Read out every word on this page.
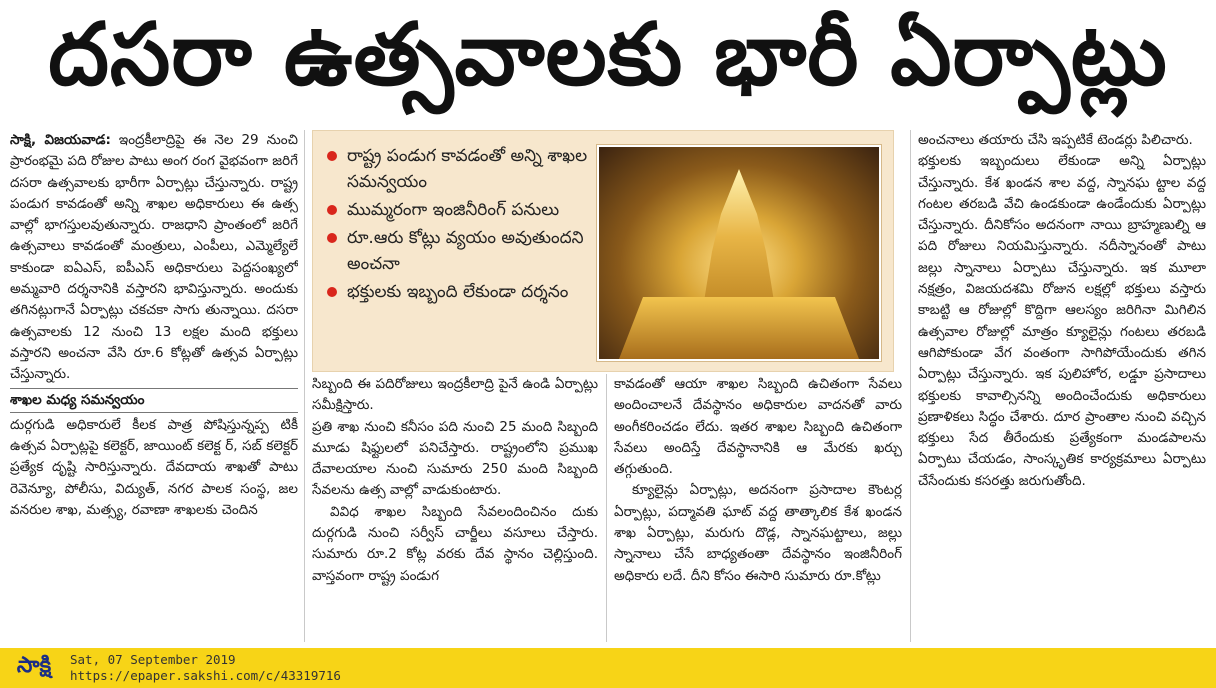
దసరా ఉత్సవాలకు భారీ ఏర్పాట్లు

సాక్షి, విజయవాడ: ఇంద్రకీలాద్రిపై ఈ నెల 29 నుంచి ప్రారంభమై పది రోజుల పాటు అంగ రంగ వైభవంగా జరిగే దసరా ఉత్సవాలకు భారీగా ఏర్పాట్లు చేస్తున్నారు. రాష్ట్ర పండుగ కావడంతో అన్ని శాఖల అధికారులు ఈ ఉత్స వాల్లో భాగస్తులవుతున్నారు. రాజధాని ప్రాంతంలో జరిగే ఉత్సవాలు కావడంతో మంత్రులు, ఎంపీలు, ఎమ్మెల్యేలే కాకుండా ఐఏఎస్, ఐపీఎస్ అధికారులు పెద్దసంఖ్యలో అమ్మవారి దర్శనానికి వస్తారని భావిస్తున్నారు. అందుకు తగినట్లుగానే ఏర్పాట్లు చకచకా సాగు తున్నాయి. దసరా ఉత్సవాలకు 12 నుంచి 13 లక్షల మంది భక్తులు వస్తారని అంచనా వేసి రూ.6 కోట్లతో ఉత్సవ ఏర్పాట్లు చేస్తున్నారు.

శాఖల మధ్య సమన్వయం

దుర్గగుడి అధికారులే కీలక పాత్ర పోషిస్తున్నప్ప టికీ ఉత్సవ ఏర్పాట్లపై కలెక్టర్, జాయింట్ కలెక్ట ర్, సబ్ కలెక్టర్ ప్రత్యేక దృష్టి సారిస్తున్నారు. దేవదాయ శాఖతో పాటు రెవెన్యూ, పోలీసు, విద్యుత్, నగర పాలక సంస్థ, జల వనరుల శాఖ, మత్స్య, రవాణా శాఖలకు చెందిన

రాష్ట్ర పండుగ కావడంతో అన్ని శాఖల సమన్వయం
ముమ్మరంగా ఇంజినీరింగ్ పనులు
రూ.ఆరు కోట్లు వ్యయం అవుతుందని అంచనా
భక్తులకు ఇబ్బంది లేకుండా దర్శనం

సిబ్బంది ఈ పదిరోజులు ఇంద్రకీలాద్రి పైనే ఉండి ఏర్పాట్లు సమీక్షిస్తారు.

ప్రతి శాఖ నుంచి కనీసం పది నుంచి 25 మంది సిబ్బంది మూడు షిఫ్టులలో పనిచేస్తారు. రాష్ట్రంలోని ప్రముఖ దేవాలయాల నుంచి సుమారు 250 మంది సిబ్బంది సేవలను ఉత్స వాల్లో వాడుకుంటారు.

వివిధ శాఖల సిబ్బంది సేవలందించినం దుకు దుర్గగుడి నుంచి సర్వీస్ చార్జీలు వసూలు చేస్తారు. సుమారు రూ.2 కోట్ల వరకు దేవ స్థానం చెల్లిస్తుంది. వాస్తవంగా రాష్ట్ర పండుగ

కావడంతో ఆయా శాఖల సిబ్బంది ఉచితంగా సేవలు అందించాలనే దేవస్థానం అధికారుల వాదనతో వారు అంగీకరించడం లేదు. ఇతర శాఖల సిబ్బంది ఉచితంగా సేవలు అందిస్తే దేవస్థానానికి ఆ మేరకు ఖర్చు తగ్గుతుంది.

క్యూలైన్లు ఏర్పాట్లు, అదనంగా ప్రసాదాల కౌంటర్ల ఏర్పాట్లు, పద్మావతి ఘాట్ వద్ద తాత్కాలిక కేశ ఖండన శాఖ ఏర్పాట్లు, మరుగు దొడ్ల, స్నానఘట్టాలు, జల్లు స్నానాలు చేసే బాధ్యతంతా దేవస్థానం ఇంజినీరింగ్ అధికారు లదే. దీని కోసం ఈసారి సుమారు రూ.కోట్లు

అంచనాలు తయారు చేసి ఇప్పటికే టెండర్లు పిలిచారు.

భక్తులకు ఇబ్బందులు లేకుండా అన్ని ఏర్పాట్లు చేస్తున్నారు. కేశ ఖండన శాల వద్ద, స్నానఘ ట్టాల వద్ద గంటల తరబడి వేచి ఉండకుండా ఉండేందుకు ఏర్పాట్లు చేస్తున్నారు. దీనికోసం అదనంగా నాయి బ్రాహ్మణుల్ని ఆ పది రోజులు నియమిస్తున్నారు. నదీస్నానంతో పాటు జల్లు స్నానాలు ఏర్పాటు చేస్తున్నారు. ఇక మూలా నక్షత్రం, విజయదశమి రోజున లక్షల్లో భక్తులు వస్తారు కాబట్టి ఆ రోజుల్లో కొద్దిగా ఆలస్యం జరిగినా మిగిలిన ఉత్సవాల రోజుల్లో మాత్రం క్యూలైన్లు గంటలు తరబడి ఆగిపోకుండా వేగ వంతంగా సాగిపోయేందుకు తగిన ఏర్పాట్లు చేస్తున్నారు. ఇక పులిహోర, లడ్డూ ప్రసాదాలు భక్తులకు కావాల్సినన్ని అందించేందుకు అధికారులు ప్రణాళికలు సిద్ధం చేశారు. దూర ప్రాంతాల నుంచి వచ్చిన భక్తులు సేద తీరేందుకు ప్రత్యేకంగా మండపాలను ఏర్పాటు చేయడం, సాంస్కృతిక కార్యక్రమాలు ఏర్పాటు చేసేందుకు కసరత్తు జరుగుతోంది.

సాక్షి	Sat, 07 September 2019
https://epaper.sakshi.com/c/43319716
